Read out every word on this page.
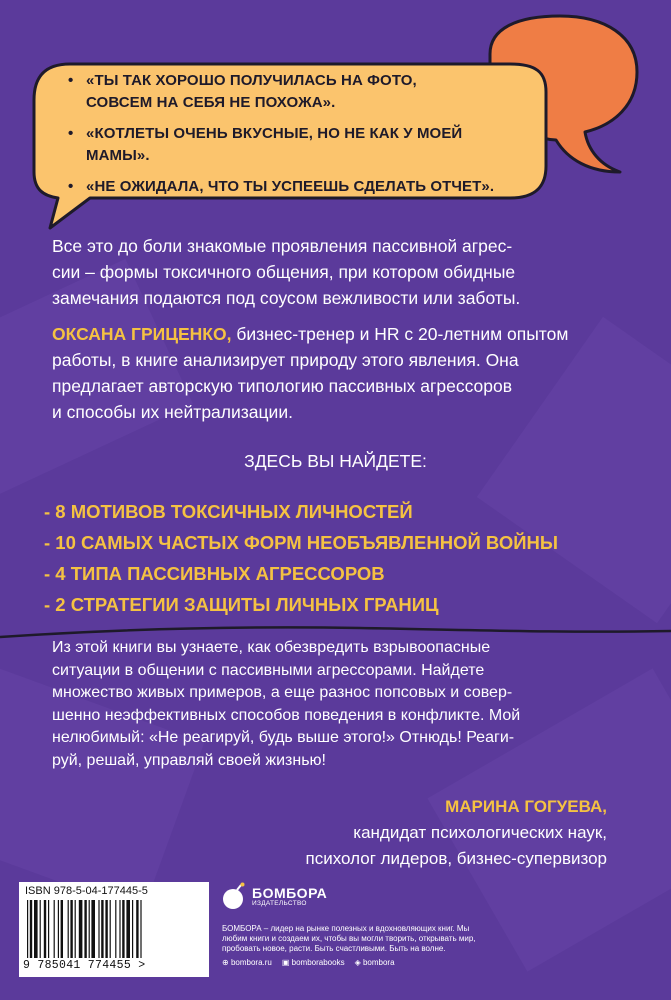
• «ТЫ ТАК ХОРОШО ПОЛУЧИЛАСЬ НА ФОТО,
СОВСЕМ НА СЕБЯ НЕ ПОХОЖА».
• «КОТЛЕТЫ ОЧЕНЬ ВКУСНЫЕ, НО НЕ КАК У МОЕЙ МАМЫ».
• «НЕ ОЖИДАЛА, ЧТО ТЫ УСПЕЕШЬ СДЕЛАТЬ ОТЧЕТ».
Все это до боли знакомые проявления пассивной агрес-
сии – формы токсичного общения, при котором обидные
замечания подаются под соусом вежливости или заботы.
ОКСАНА ГРИЦЕНКО, бизнес-тренер и HR с 20-летним опытом
работы, в книге анализирует природу этого явления. Она
предлагает авторскую типологию пассивных агрессоров
и способы их нейтрализации.
ЗДЕСЬ ВЫ НАЙДЕТЕ:
- 8 МОТИВОВ ТОКСИЧНЫХ ЛИЧНОСТЕЙ
- 10 САМЫХ ЧАСТЫХ ФОРМ НЕОБЪЯВЛЕННОЙ ВОЙНЫ
- 4 ТИПА ПАССИВНЫХ АГРЕССОРОВ
- 2 СТРАТЕГИИ ЗАЩИТЫ ЛИЧНЫХ ГРАНИЦ
Из этой книги вы узнаете, как обезвредить взрывоопасные
ситуации в общении с пассивными агрессорами. Найдете
множество живых примеров, а еще разнос попсовых и совер-
шенно неэффективных способов поведения в конфликте. Мой
нелюбимый: «Не реагируй, будь выше этого!» Отнюдь! Реаги-
руй, решай, управляй своей жизнью!
МАРИНА ГОГУЕВА,
кандидат психологических наук,
психолог лидеров, бизнес-супервизор
ISBN 978-5-04-177445-5
9 785041 774455 >
БОМБОРА
ИЗДАТЕЛЬСТВО
БОМБОРА – лидер на рынке полезных и вдохновляющих книг. Мы любим книги и создаем их, чтобы вы могли творить, открывать мир, пробовать новое, расти. Быть счастливыми. Быть на волне.
⊕ bombora.ru ▣ bomborabooks ◈ bombora
